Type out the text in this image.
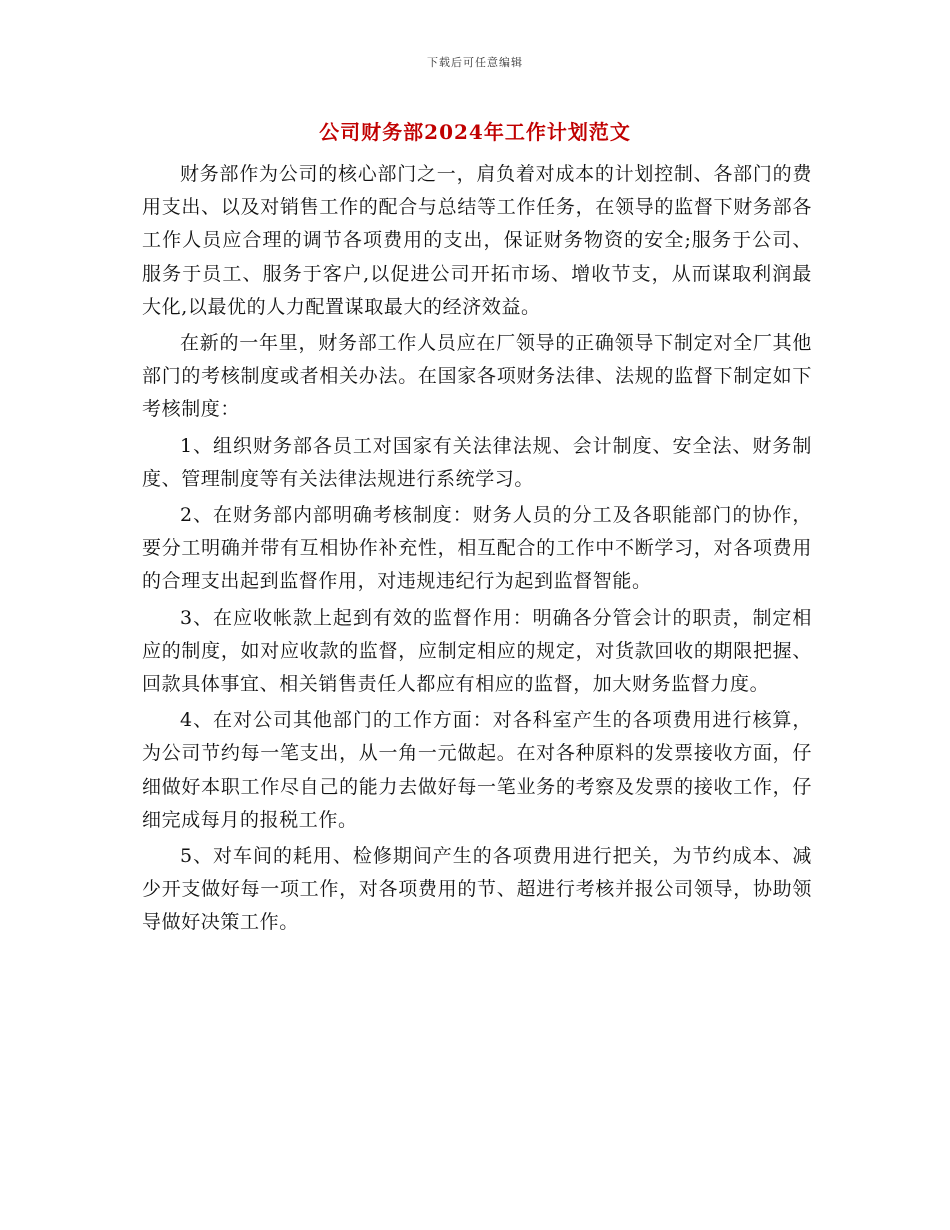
下载后可任意编辑
公司财务部2024年工作计划范文

财务部作为公司的核心部门之一，肩负着对成本的计划控制、各部门的费用支出、以及对销售工作的配合与总结等工作任务，在领导的监督下财务部各工作人员应合理的调节各项费用的支出，保证财务物资的安全;服务于公司、服务于员工、服务于客户,以促进公司开拓市场、增收节支，从而谋取利润最大化,以最优的人力配置谋取最大的经济效益。

在新的一年里，财务部工作人员应在厂领导的正确领导下制定对全厂其他部门的考核制度或者相关办法。在国家各项财务法律、法规的监督下制定如下考核制度：

1、组织财务部各员工对国家有关法律法规、会计制度、安全法、财务制度、管理制度等有关法律法规进行系统学习。

2、在财务部内部明确考核制度：财务人员的分工及各职能部门的协作，要分工明确并带有互相协作补充性，相互配合的工作中不断学习，对各项费用的合理支出起到监督作用，对违规违纪行为起到监督智能。

3、在应收帐款上起到有效的监督作用：明确各分管会计的职责，制定相应的制度，如对应收款的监督，应制定相应的规定，对货款回收的期限把握、回款具体事宜、相关销售责任人都应有相应的监督，加大财务监督力度。

4、在对公司其他部门的工作方面：对各科室产生的各项费用进行核算，为公司节约每一笔支出，从一角一元做起。在对各种原料的发票接收方面，仔细做好本职工作尽自己的能力去做好每一笔业务的考察及发票的接收工作，仔细完成每月的报税工作。

5、对车间的耗用、检修期间产生的各项费用进行把关，为节约成本、减少开支做好每一项工作，对各项费用的节、超进行考核并报公司领导，协助领导做好决策工作。
